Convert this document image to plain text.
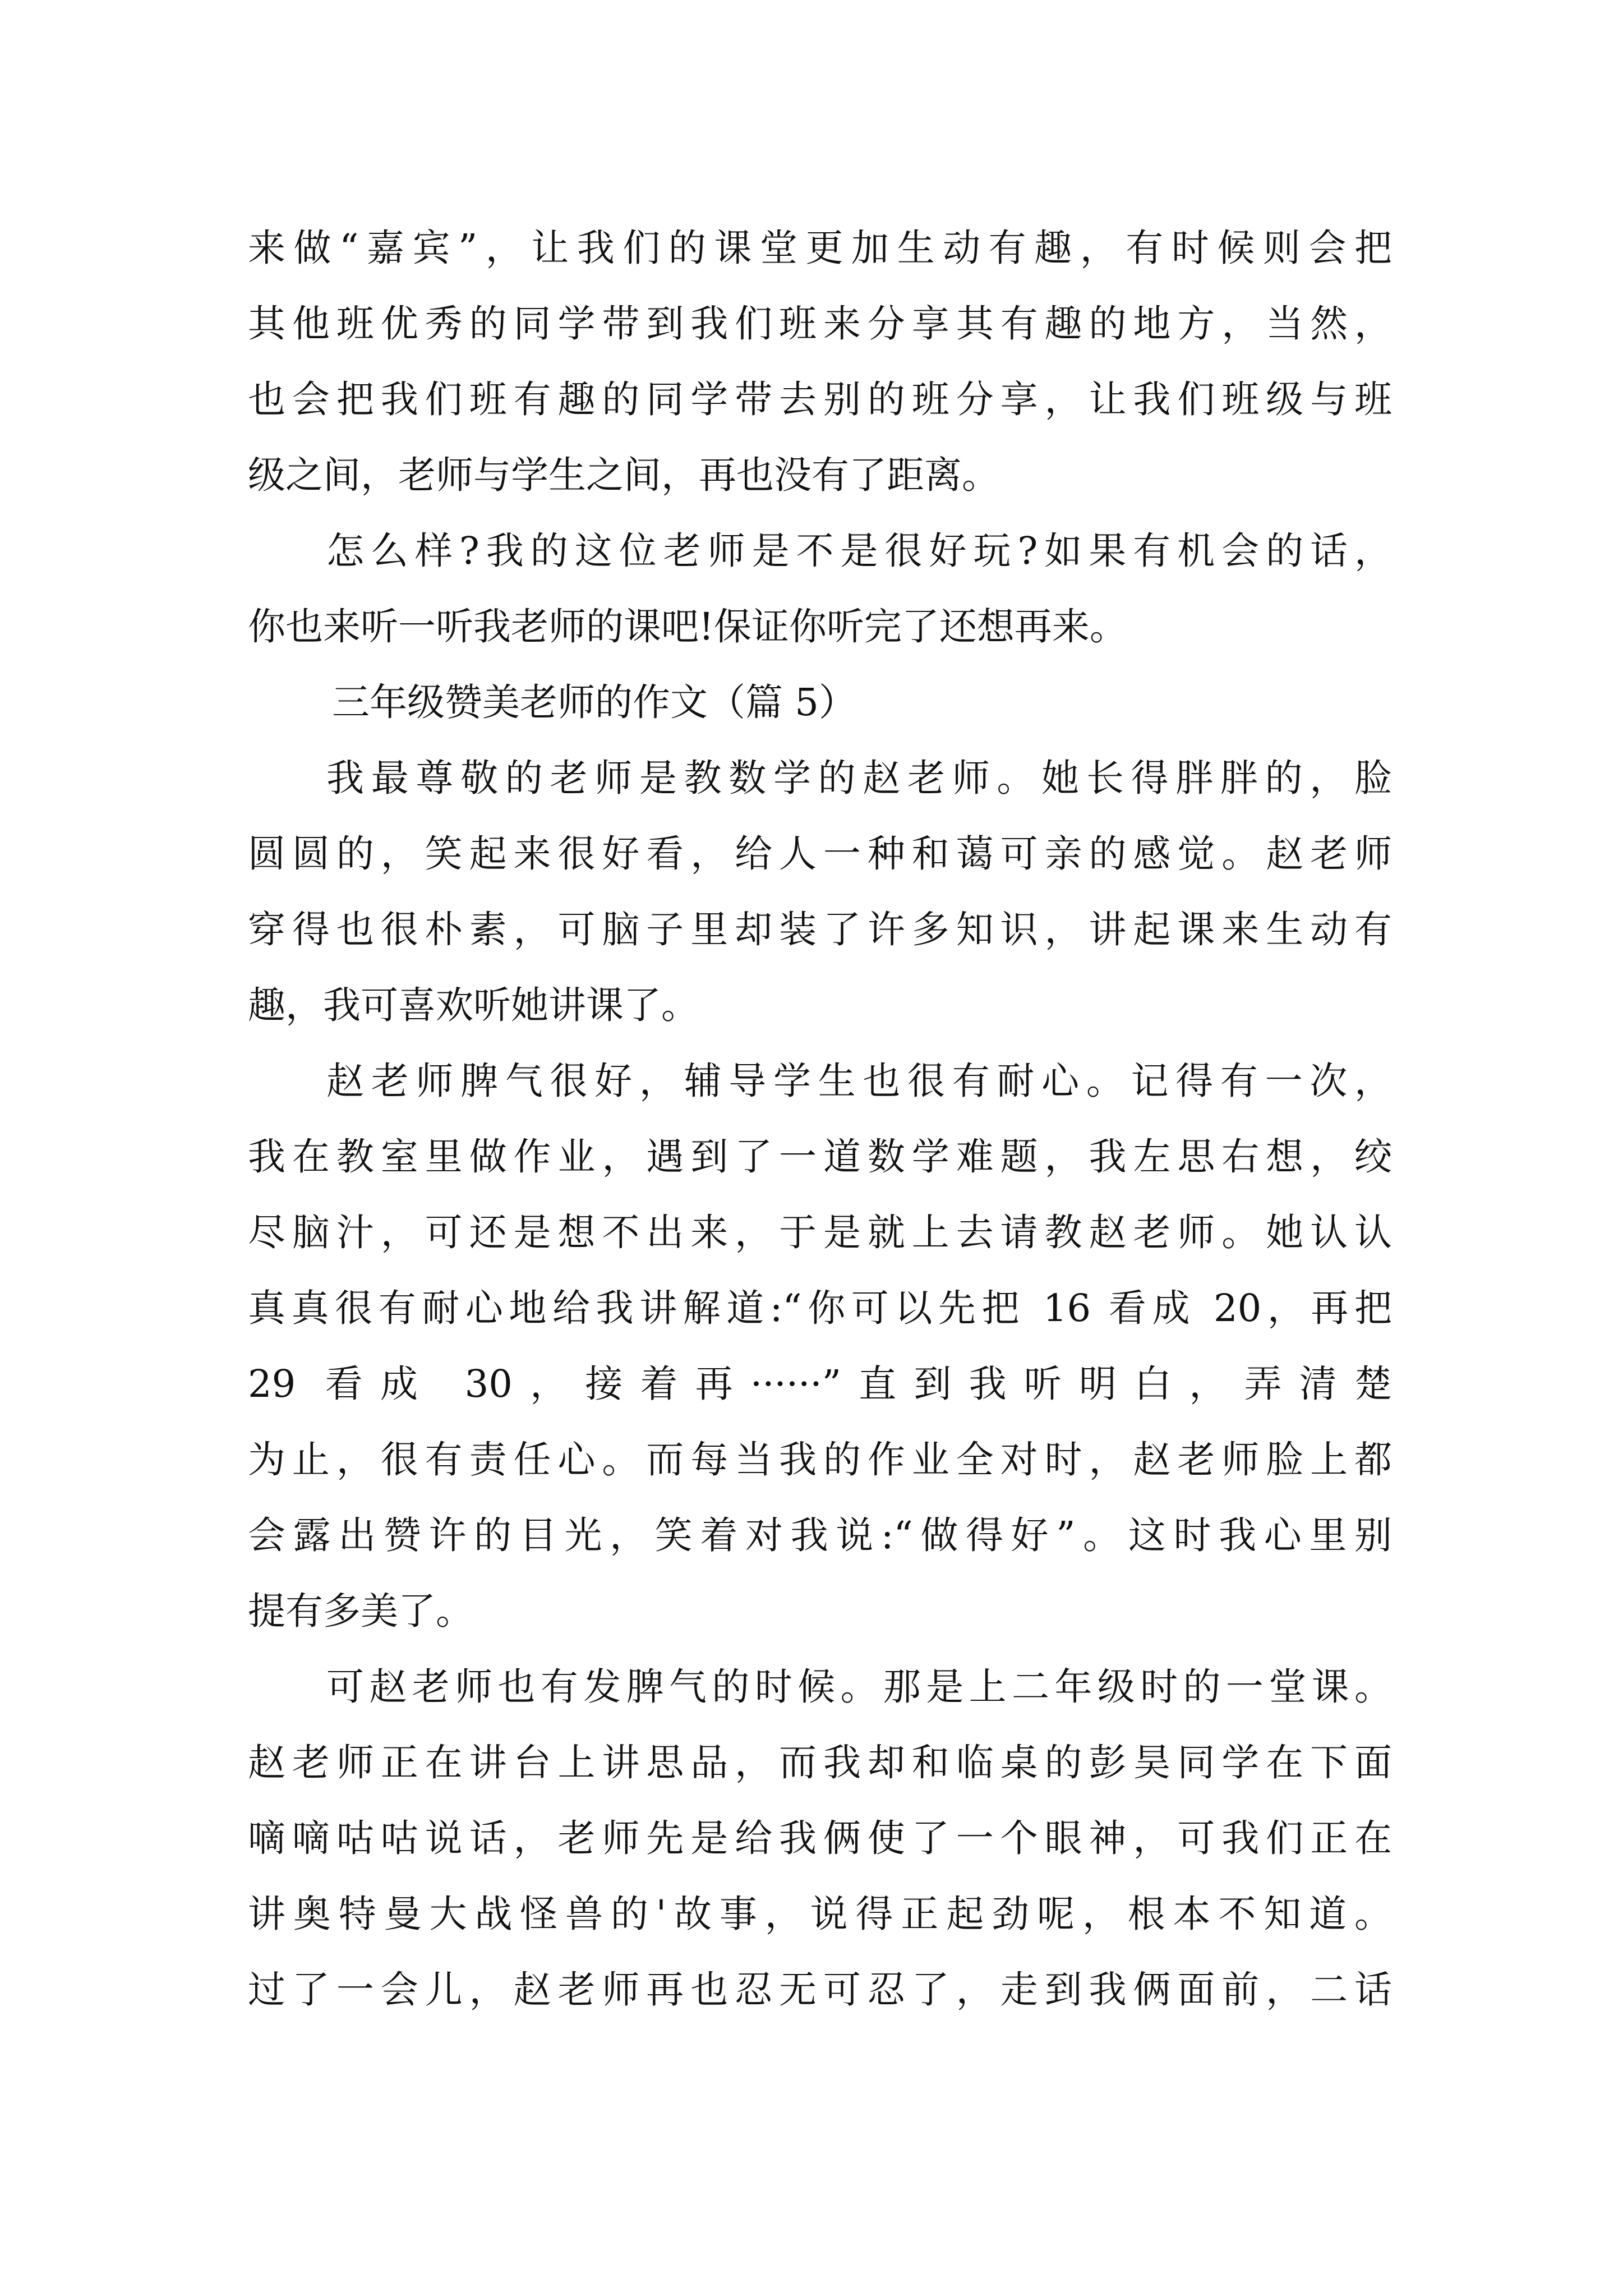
来做“嘉宾”，让我们的课堂更加生动有趣，有时候则会把
其他班优秀的同学带到我们班来分享其有趣的地方，当然，
也会把我们班有趣的同学带去别的班分享，让我们班级与班
级之间，老师与学生之间，再也没有了距离。
怎么样?我的这位老师是不是很好玩?如果有机会的话，
你也来听一听我老师的课吧!保证你听完了还想再来。
三年级赞美老师的作文（篇 5）
我最尊敬的老师是教数学的赵老师。她长得胖胖的，脸
圆圆的，笑起来很好看，给人一种和蔼可亲的感觉。赵老师
穿得也很朴素，可脑子里却装了许多知识，讲起课来生动有
趣，我可喜欢听她讲课了。
赵老师脾气很好，辅导学生也很有耐心。记得有一次，
我在教室里做作业，遇到了一道数学难题，我左思右想，绞
尽脑汁，可还是想不出来，于是就上去请教赵老师。她认认
真真很有耐心地给我讲解道:“你可以先把 16 看成 20，再把
29 看成 30，接着再······”直到我听明白，弄清楚
为止，很有责任心。而每当我的作业全对时，赵老师脸上都
会露出赞许的目光，笑着对我说:“做得好”。这时我心里别
提有多美了。
可赵老师也有发脾气的时候。那是上二年级时的一堂课。
赵老师正在讲台上讲思品，而我却和临桌的彭昊同学在下面
嘀嘀咕咕说话，老师先是给我俩使了一个眼神，可我们正在
讲奥特曼大战怪兽的'故事，说得正起劲呢，根本不知道。
过了一会儿，赵老师再也忍无可忍了，走到我俩面前，二话
